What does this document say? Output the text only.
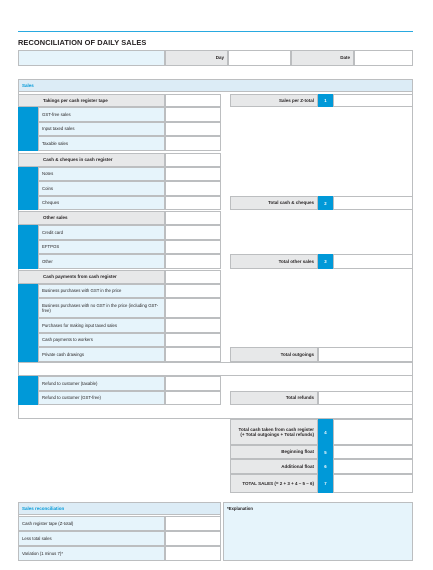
RECONCILIATION OF DAILY SALES
Day	Date
Sales
Takings per cash register tape
GST-free sales
Input taxed sales
Taxable sales
Sales per Z-total	1
Cash & cheques in cash register
Notes
Coins
Cheques	Total cash & cheques	2
Other sales
Credit card
EFTPOS
Other	Total other sales	3
Cash payments from cash register
Business purchases with GST in the price
Business purchases with no GST in the price (including GST-free)
Purchases for making input taxed sales
Cash payments to workers
Private cash drawings	Total outgoings
Refund to customer (taxable)
Refund to customer (GST-free)	Total refunds
Total cash taken from cash register (+ Total outgoings + Total refunds)	4
Beginning float	5
Additional float	6
TOTAL SALES (= 2 + 3 + 4 – 5 – 6)	7
Sales reconciliation
Cash register tape (Z-total)
Less total sales
Variation (1 minus 7)*
*Explanation
